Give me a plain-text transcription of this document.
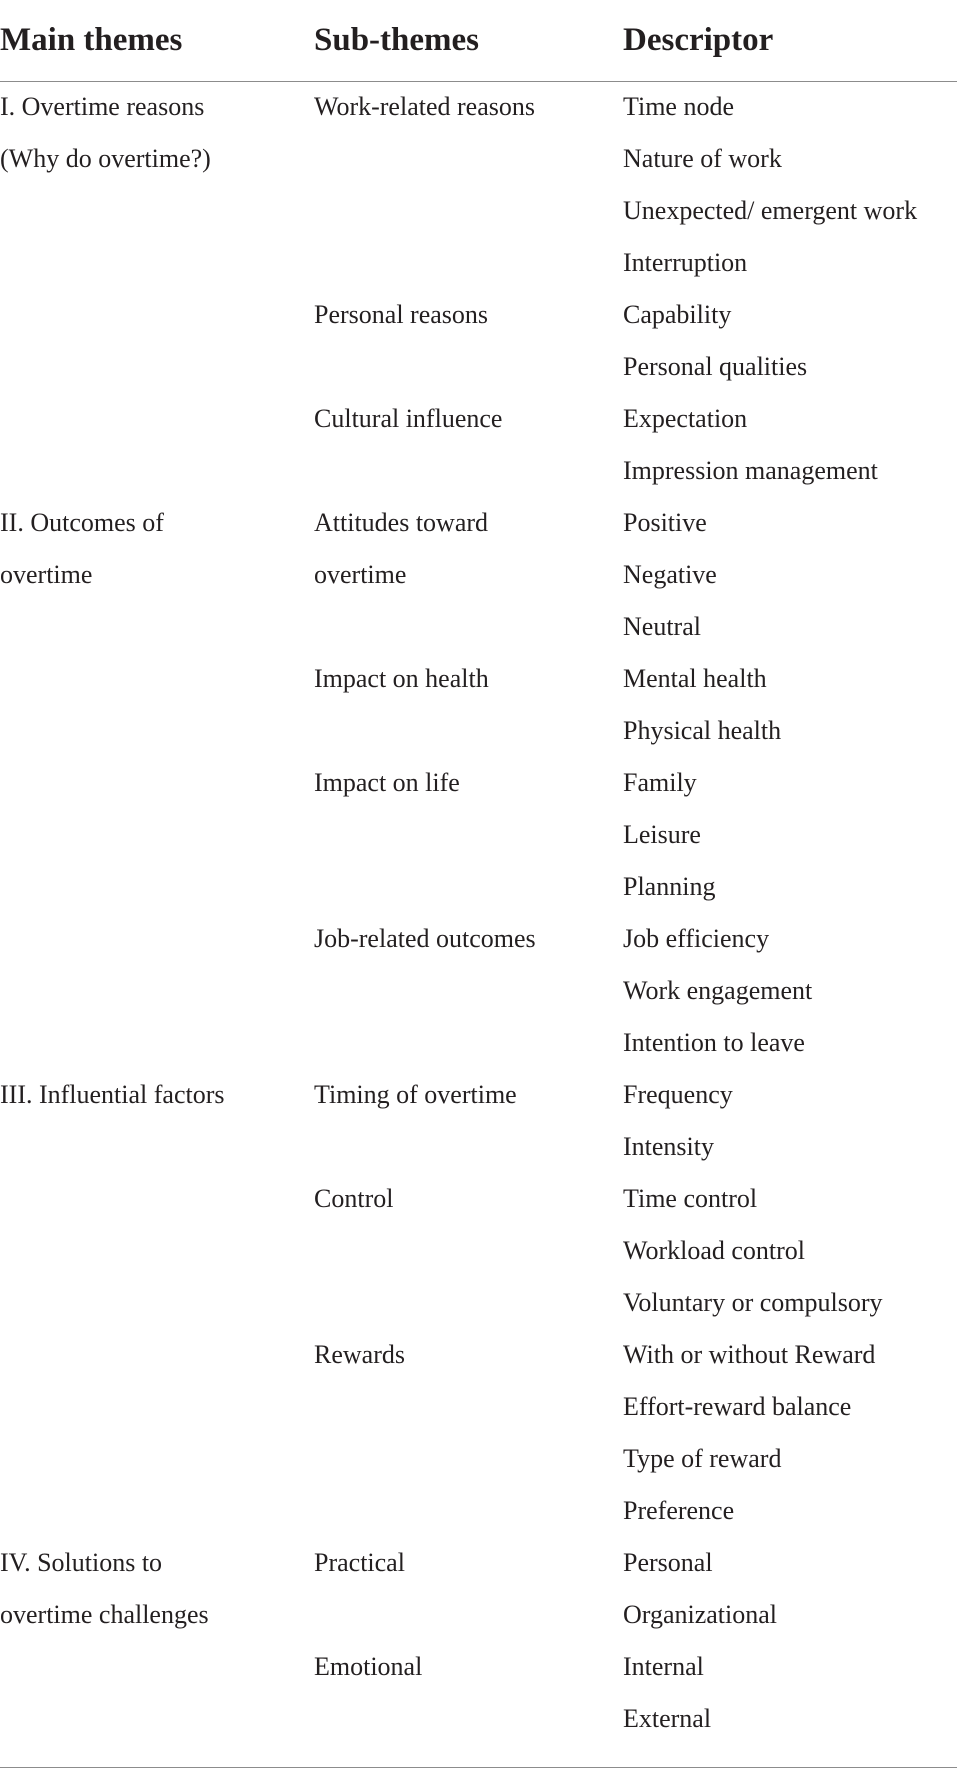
Main themes	Sub-themes	Descriptor
I. Overtime reasons
(Why do overtime?)
II. Outcomes of
overtime
III. Influential factors
IV. Solutions to
overtime challenges
Work-related reasons
Personal reasons
Cultural influence
Attitudes toward
overtime
Impact on health
Impact on life
Job-related outcomes
Timing of overtime
Control
Rewards
Practical
Emotional
Time node
Nature of work
Unexpected/ emergent work
Interruption
Capability
Personal qualities
Expectation
Impression management
Positive
Negative
Neutral
Mental health
Physical health
Family
Leisure
Planning
Job efficiency
Work engagement
Intention to leave
Frequency
Intensity
Time control
Workload control
Voluntary or compulsory
With or without Reward
Effort-reward balance
Type of reward
Preference
Personal
Organizational
Internal
External
